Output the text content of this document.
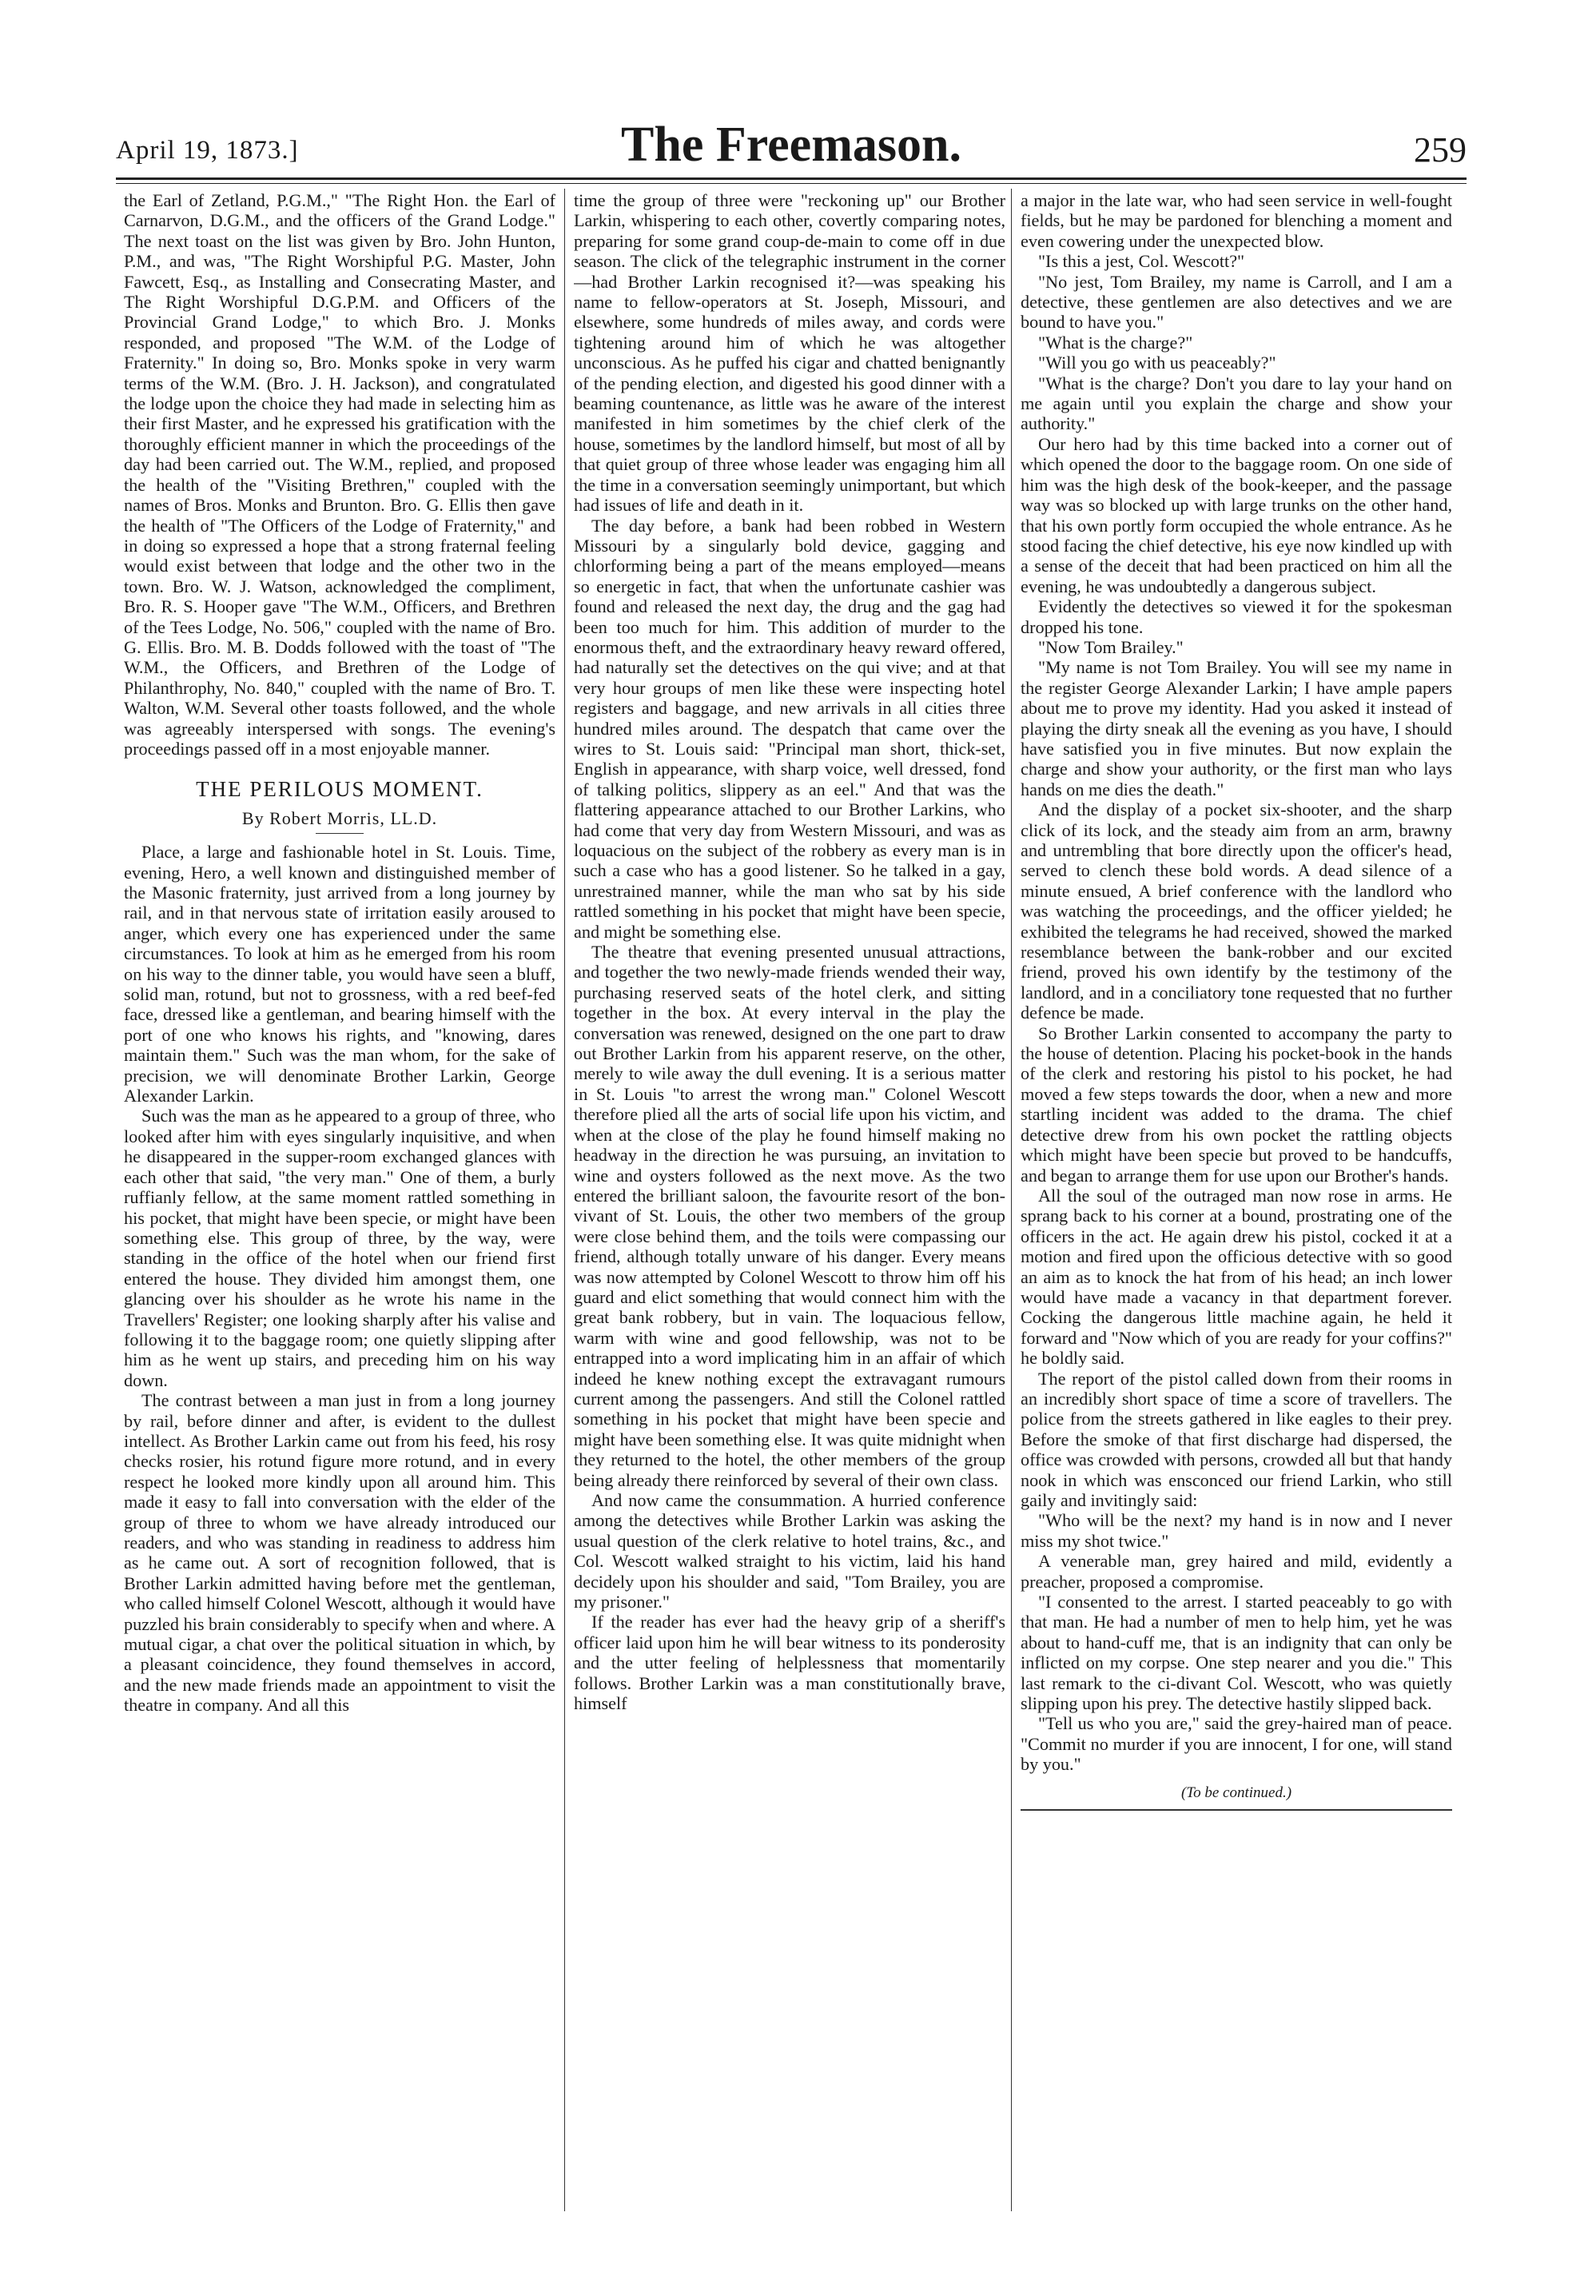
April 19, 1873.]	The Freemason.	259

the Earl of Zetland, P.G.M.," "The Right Hon. the Earl of Carnarvon, D.G.M., and the officers of the Grand Lodge." The next toast on the list was given by Bro. John Hunton, P.M., and was, "The Right Worshipful P.G. Master, John Fawcett, Esq., as Installing and Consecrating Master, and The Right Worshipful D.G.P.M. and Officers of the Provincial Grand Lodge," to which Bro. J. Monks responded, and proposed "The W.M. of the Lodge of Fraternity." In doing so, Bro. Monks spoke in very warm terms of the W.M. (Bro. J. H. Jackson), and congratulated the lodge upon the choice they had made in selecting him as their first Master, and he expressed his gratification with the thoroughly efficient manner in which the proceedings of the day had been carried out. The W.M., replied, and proposed the health of the "Visiting Brethren," coupled with the names of Bros. Monks and Brunton. Bro. G. Ellis then gave the health of "The Officers of the Lodge of Fraternity," and in doing so expressed a hope that a strong fraternal feeling would exist between that lodge and the other two in the town. Bro. W. J. Watson, acknowledged the compliment, Bro. R. S. Hooper gave "The W.M., Officers, and Brethren of the Tees Lodge, No. 506," coupled with the name of Bro. G. Ellis. Bro. M. B. Dodds followed with the toast of "The W.M., the Officers, and Brethren of the Lodge of Philanthrophy, No. 840," coupled with the name of Bro. T. Walton, W.M. Several other toasts followed, and the whole was agreeably interspersed with songs. The evening's proceedings passed off in a most enjoyable manner.

THE PERILOUS MOMENT.
By Robert Morris, LL.D.

Place, a large and fashionable hotel in St. Louis. Time, evening, Hero, a well known and distinguished member of the Masonic fraternity, just arrived from a long journey by rail, and in that nervous state of irritation easily aroused to anger, which every one has experienced under the same circumstances. To look at him as he emerged from his room on his way to the dinner table, you would have seen a bluff, solid man, rotund, but not to grossness, with a red beef-fed face, dressed like a gentleman, and bearing himself with the port of one who knows his rights, and "knowing, dares maintain them." Such was the man whom, for the sake of precision, we will denominate Brother Larkin, George Alexander Larkin.

Such was the man as he appeared to a group of three, who looked after him with eyes singularly inquisitive, and when he disappeared in the supper-room exchanged glances with each other that said, "the very man." One of them, a burly ruffianly fellow, at the same moment rattled something in his pocket, that might have been specie, or might have been something else. This group of three, by the way, were standing in the office of the hotel when our friend first entered the house. They divided him amongst them, one glancing over his shoulder as he wrote his name in the Travellers' Register; one looking sharply after his valise and following it to the baggage room; one quietly slipping after him as he went up stairs, and preceding him on his way down.

The contrast between a man just in from a long journey by rail, before dinner and after, is evident to the dullest intellect. As Brother Larkin came out from his feed, his rosy checks rosier, his rotund figure more rotund, and in every respect he looked more kindly upon all around him. This made it easy to fall into conversation with the elder of the group of three to whom we have already introduced our readers, and who was standing in readiness to address him as he came out. A sort of recognition followed, that is Brother Larkin admitted having before met the gentleman, who called himself Colonel Wescott, although it would have puzzled his brain considerably to specify when and where. A mutual cigar, a chat over the political situation in which, by a pleasant coincidence, they found themselves in accord, and the new made friends made an appointment to visit the theatre in company. And all this

time the group of three were "reckoning up" our Brother Larkin, whispering to each other, covertly comparing notes, preparing for some grand coup-de-main to come off in due season. The click of the telegraphic instrument in the corner—had Brother Larkin recognised it?—was speaking his name to fellow-operators at St. Joseph, Missouri, and elsewhere, some hundreds of miles away, and cords were tightening around him of which he was altogether unconscious. As he puffed his cigar and chatted benignantly of the pending election, and digested his good dinner with a beaming countenance, as little was he aware of the interest manifested in him sometimes by the chief clerk of the house, sometimes by the landlord himself, but most of all by that quiet group of three whose leader was engaging him all the time in a conversation seemingly unimportant, but which had issues of life and death in it.

The day before, a bank had been robbed in Western Missouri by a singularly bold device, gagging and chlorforming being a part of the means employed—means so energetic in fact, that when the unfortunate cashier was found and released the next day, the drug and the gag had been too much for him. This addition of murder to the enormous theft, and the extraordinary heavy reward offered, had naturally set the detectives on the qui vive; and at that very hour groups of men like these were inspecting hotel registers and baggage, and new arrivals in all cities three hundred miles around. The despatch that came over the wires to St. Louis said: "Principal man short, thick-set, English in appearance, with sharp voice, well dressed, fond of talking politics, slippery as an eel." And that was the flattering appearance attached to our Brother Larkins, who had come that very day from Western Missouri, and was as loquacious on the subject of the robbery as every man is in such a case who has a good listener. So he talked in a gay, unrestrained manner, while the man who sat by his side rattled something in his pocket that might have been specie, and might be something else.

The theatre that evening presented unusual attractions, and together the two newly-made friends wended their way, purchasing reserved seats of the hotel clerk, and sitting together in the box. At every interval in the play the conversation was renewed, designed on the one part to draw out Brother Larkin from his apparent reserve, on the other, merely to wile away the dull evening. It is a serious matter in St. Louis "to arrest the wrong man." Colonel Wescott therefore plied all the arts of social life upon his victim, and when at the close of the play he found himself making no headway in the direction he was pursuing, an invitation to wine and oysters followed as the next move. As the two entered the brilliant saloon, the favourite resort of the bon-vivant of St. Louis, the other two members of the group were close behind them, and the toils were compassing our friend, although totally unware of his danger. Every means was now attempted by Colonel Wescott to throw him off his guard and elict something that would connect him with the great bank robbery, but in vain. The loquacious fellow, warm with wine and good fellowship, was not to be entrapped into a word implicating him in an affair of which indeed he knew nothing except the extravagant rumours current among the passengers. And still the Colonel rattled something in his pocket that might have been specie and might have been something else. It was quite midnight when they returned to the hotel, the other members of the group being already there reinforced by several of their own class.

And now came the consummation. A hurried conference among the detectives while Brother Larkin was asking the usual question of the clerk relative to hotel trains, &c., and Col. Wescott walked straight to his victim, laid his hand decidely upon his shoulder and said, "Tom Brailey, you are my prisoner."

If the reader has ever had the heavy grip of a sheriff's officer laid upon him he will bear witness to its ponderosity and the utter feeling of helplessness that momentarily follows. Brother Larkin was a man constitutionally brave, himself

a major in the late war, who had seen service in well-fought fields, but he may be pardoned for blenching a moment and even cowering under the unexpected blow.

"Is this a jest, Col. Wescott?"

"No jest, Tom Brailey, my name is Carroll, and I am a detective, these gentlemen are also detectives and we are bound to have you."

"What is the charge?"

"Will you go with us peaceably?"

"What is the charge? Don't you dare to lay your hand on me again until you explain the charge and show your authority."

Our hero had by this time backed into a corner out of which opened the door to the baggage room. On one side of him was the high desk of the book-keeper, and the passage way was so blocked up with large trunks on the other hand, that his own portly form occupied the whole entrance. As he stood facing the chief detective, his eye now kindled up with a sense of the deceit that had been practiced on him all the evening, he was undoubtedly a dangerous subject.

Evidently the detectives so viewed it for the spokesman dropped his tone.

"Now Tom Brailey."

"My name is not Tom Brailey. You will see my name in the register George Alexander Larkin; I have ample papers about me to prove my identity. Had you asked it instead of playing the dirty sneak all the evening as you have, I should have satisfied you in five minutes. But now explain the charge and show your authority, or the first man who lays hands on me dies the death."

And the display of a pocket six-shooter, and the sharp click of its lock, and the steady aim from an arm, brawny and untrembling that bore directly upon the officer's head, served to clench these bold words. A dead silence of a minute ensued, A brief conference with the landlord who was watching the proceedings, and the officer yielded; he exhibited the telegrams he had received, showed the marked resemblance between the bank-robber and our excited friend, proved his own identify by the testimony of the landlord, and in a conciliatory tone requested that no further defence be made.

So Brother Larkin consented to accompany the party to the house of detention. Placing his pocket-book in the hands of the clerk and restoring his pistol to his pocket, he had moved a few steps towards the door, when a new and more startling incident was added to the drama. The chief detective drew from his own pocket the rattling objects which might have been specie but proved to be handcuffs, and began to arrange them for use upon our Brother's hands.

All the soul of the outraged man now rose in arms. He sprang back to his corner at a bound, prostrating one of the officers in the act. He again drew his pistol, cocked it at a motion and fired upon the officious detective with so good an aim as to knock the hat from of his head; an inch lower would have made a vacancy in that department forever. Cocking the dangerous little machine again, he held it forward and "Now which of you are ready for your coffins?" he boldly said.

The report of the pistol called down from their rooms in an incredibly short space of time a score of travellers. The police from the streets gathered in like eagles to their prey. Before the smoke of that first discharge had dispersed, the office was crowded with persons, crowded all but that handy nook in which was ensconced our friend Larkin, who still gaily and invitingly said:

"Who will be the next? my hand is in now and I never miss my shot twice."

A venerable man, grey haired and mild, evidently a preacher, proposed a compromise.

"I consented to the arrest. I started peaceably to go with that man. He had a number of men to help him, yet he was about to hand-cuff me, that is an indignity that can only be inflicted on my corpse. One step nearer and you die." This last remark to the ci-divant Col. Wescott, who was quietly slipping upon his prey. The detective hastily slipped back.

"Tell us who you are," said the grey-haired man of peace. "Commit no murder if you are innocent, I for one, will stand by you."

(To be continued.)
